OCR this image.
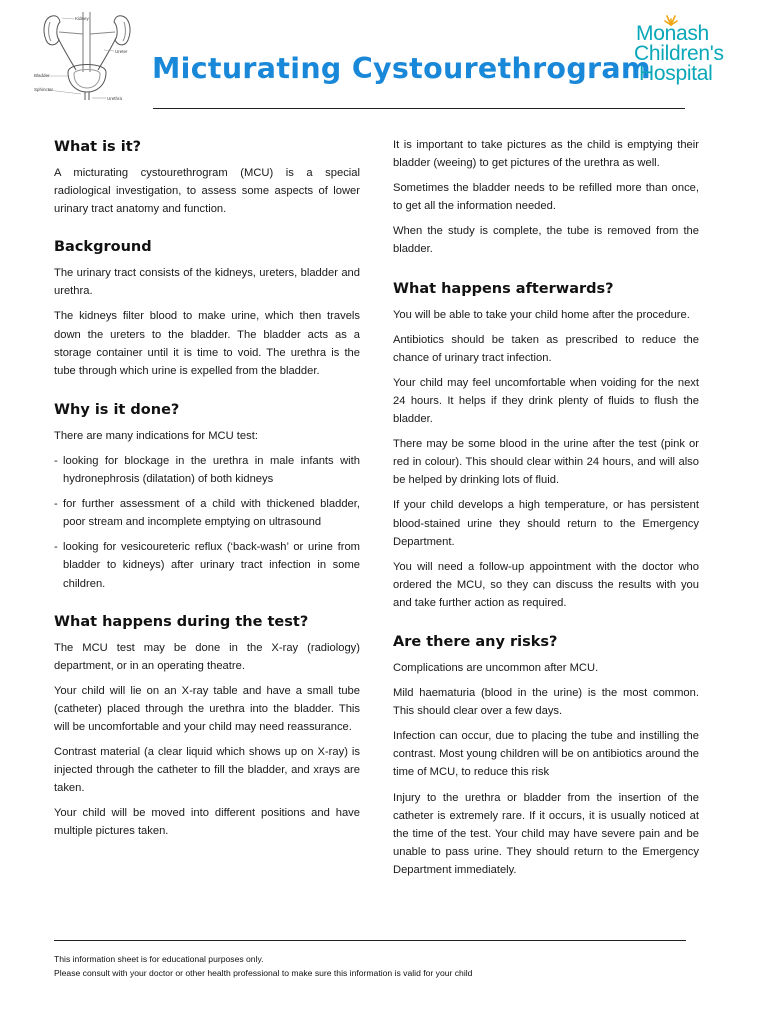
Kidney
Ureter
Bladder
Sphincter
Urethra
Micturating Cystourethrogram
Monash
Children's
Hospital
What is it?

A micturating cystourethrogram (MCU) is a special radiological investigation, to assess some aspects of lower urinary tract anatomy and function.

Background

The urinary tract consists of the kidneys, ureters, bladder and urethra.

The kidneys filter blood to make urine, which then travels down the ureters to the bladder. The bladder acts as a storage container until it is time to void. The urethra is the tube through which urine is expelled from the bladder.

Why is it done?

There are many indications for MCU test:

- looking for blockage in the urethra in male infants with hydronephrosis (dilatation) of both kidneys
- for further assessment of a child with thickened bladder, poor stream and incomplete emptying on ultrasound
- looking for vesicoureteric reflux (‘back-wash’ or urine from bladder to kidneys) after urinary tract infection in some children.
What happens during the test?

The MCU test may be done in the X-ray (radiology) department, or in an operating theatre.

Your child will lie on an X-ray table and have a small tube (catheter) placed through the urethra into the bladder. This will be uncomfortable and your child may need reassurance.

Contrast material (a clear liquid which shows up on X-ray) is injected through the catheter to fill the bladder, and xrays are taken.

Your child will be moved into different positions and have multiple pictures taken.

It is important to take pictures as the child is emptying their bladder (weeing) to get pictures of the urethra as well.

Sometimes the bladder needs to be refilled more than once, to get all the information needed.

When the study is complete, the tube is removed from the bladder.

What happens afterwards?

You will be able to take your child home after the procedure.

Antibiotics should be taken as prescribed to reduce the chance of urinary tract infection.

Your child may feel uncomfortable when voiding for the next 24 hours. It helps if they drink plenty of fluids to flush the bladder.

There may be some blood in the urine after the test (pink or red in colour). This should clear within 24 hours, and will also be helped by drinking lots of fluid.

If your child develops a high temperature, or has persistent blood-stained urine they should return to the Emergency Department.

You will need a follow-up appointment with the doctor who ordered the MCU, so they can discuss the results with you and take further action as required.

Are there any risks?

Complications are uncommon after MCU.

Mild haematuria (blood in the urine) is the most common. This should clear over a few days.

Infection can occur, due to placing the tube and instilling the contrast. Most young children will be on antibiotics around the time of MCU, to reduce this risk

Injury to the urethra or bladder from the insertion of the catheter is extremely rare. If it occurs, it is usually noticed at the time of the test. Your child may have severe pain and be unable to pass urine. They should return to the Emergency Department immediately.

This information sheet is for educational purposes only.
Please consult with your doctor or other health professional to make sure this information is valid for your child
